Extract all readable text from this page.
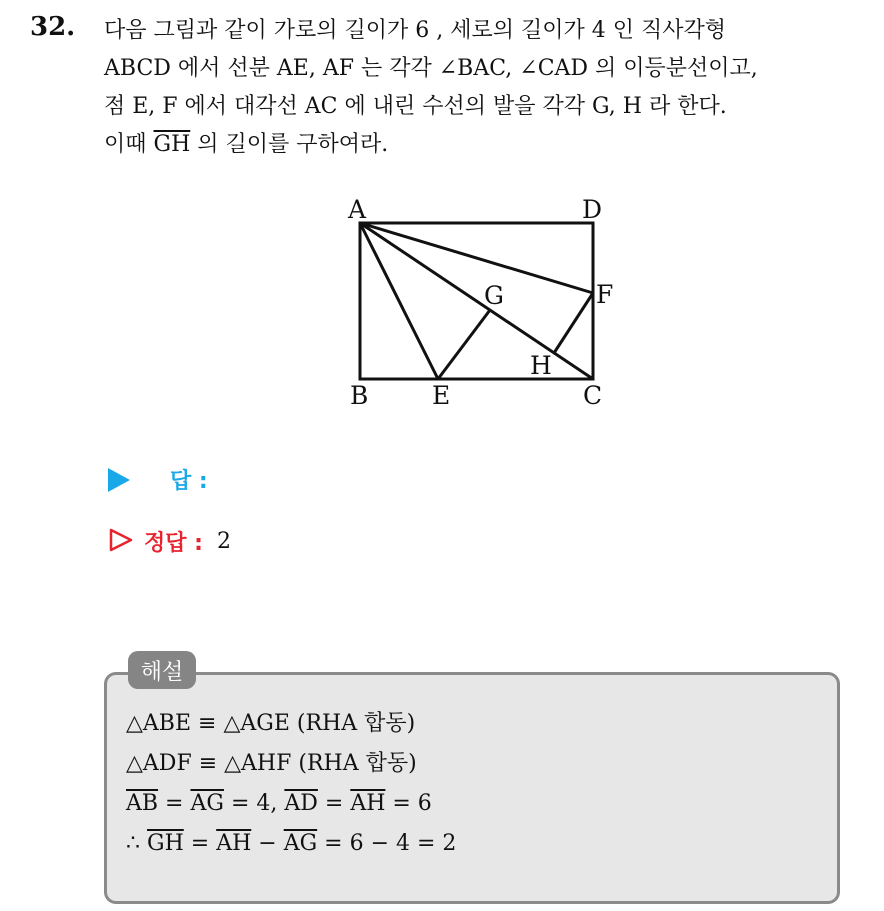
32. 다음 그림과 같이 가로의 길이가 6 , 세로의 길이가 4 인 직사각형
ABCD 에서 선분 AE, AF 는 각각 ∠BAC, ∠CAD 의 이등분선이고,
점 E, F 에서 대각선 AC 에 내린 수선의 발을 각각 G, H 라 한다.
이때 $\overline{GH}$ 의 길이를 구하여라.
A	D
B	E	C
F
G
H
답 :
정답 : 2
해설
△ABE ≡ △AGE (RHA 합동)
△ADF ≡ △AHF (RHA 합동)
$\overline{AB} = \overline{AG} = 4$, $\overline{AD} = \overline{AH} = 6$
∴ $\overline{GH} = \overline{AH} - \overline{AG} = 6 - 4 = 2$
